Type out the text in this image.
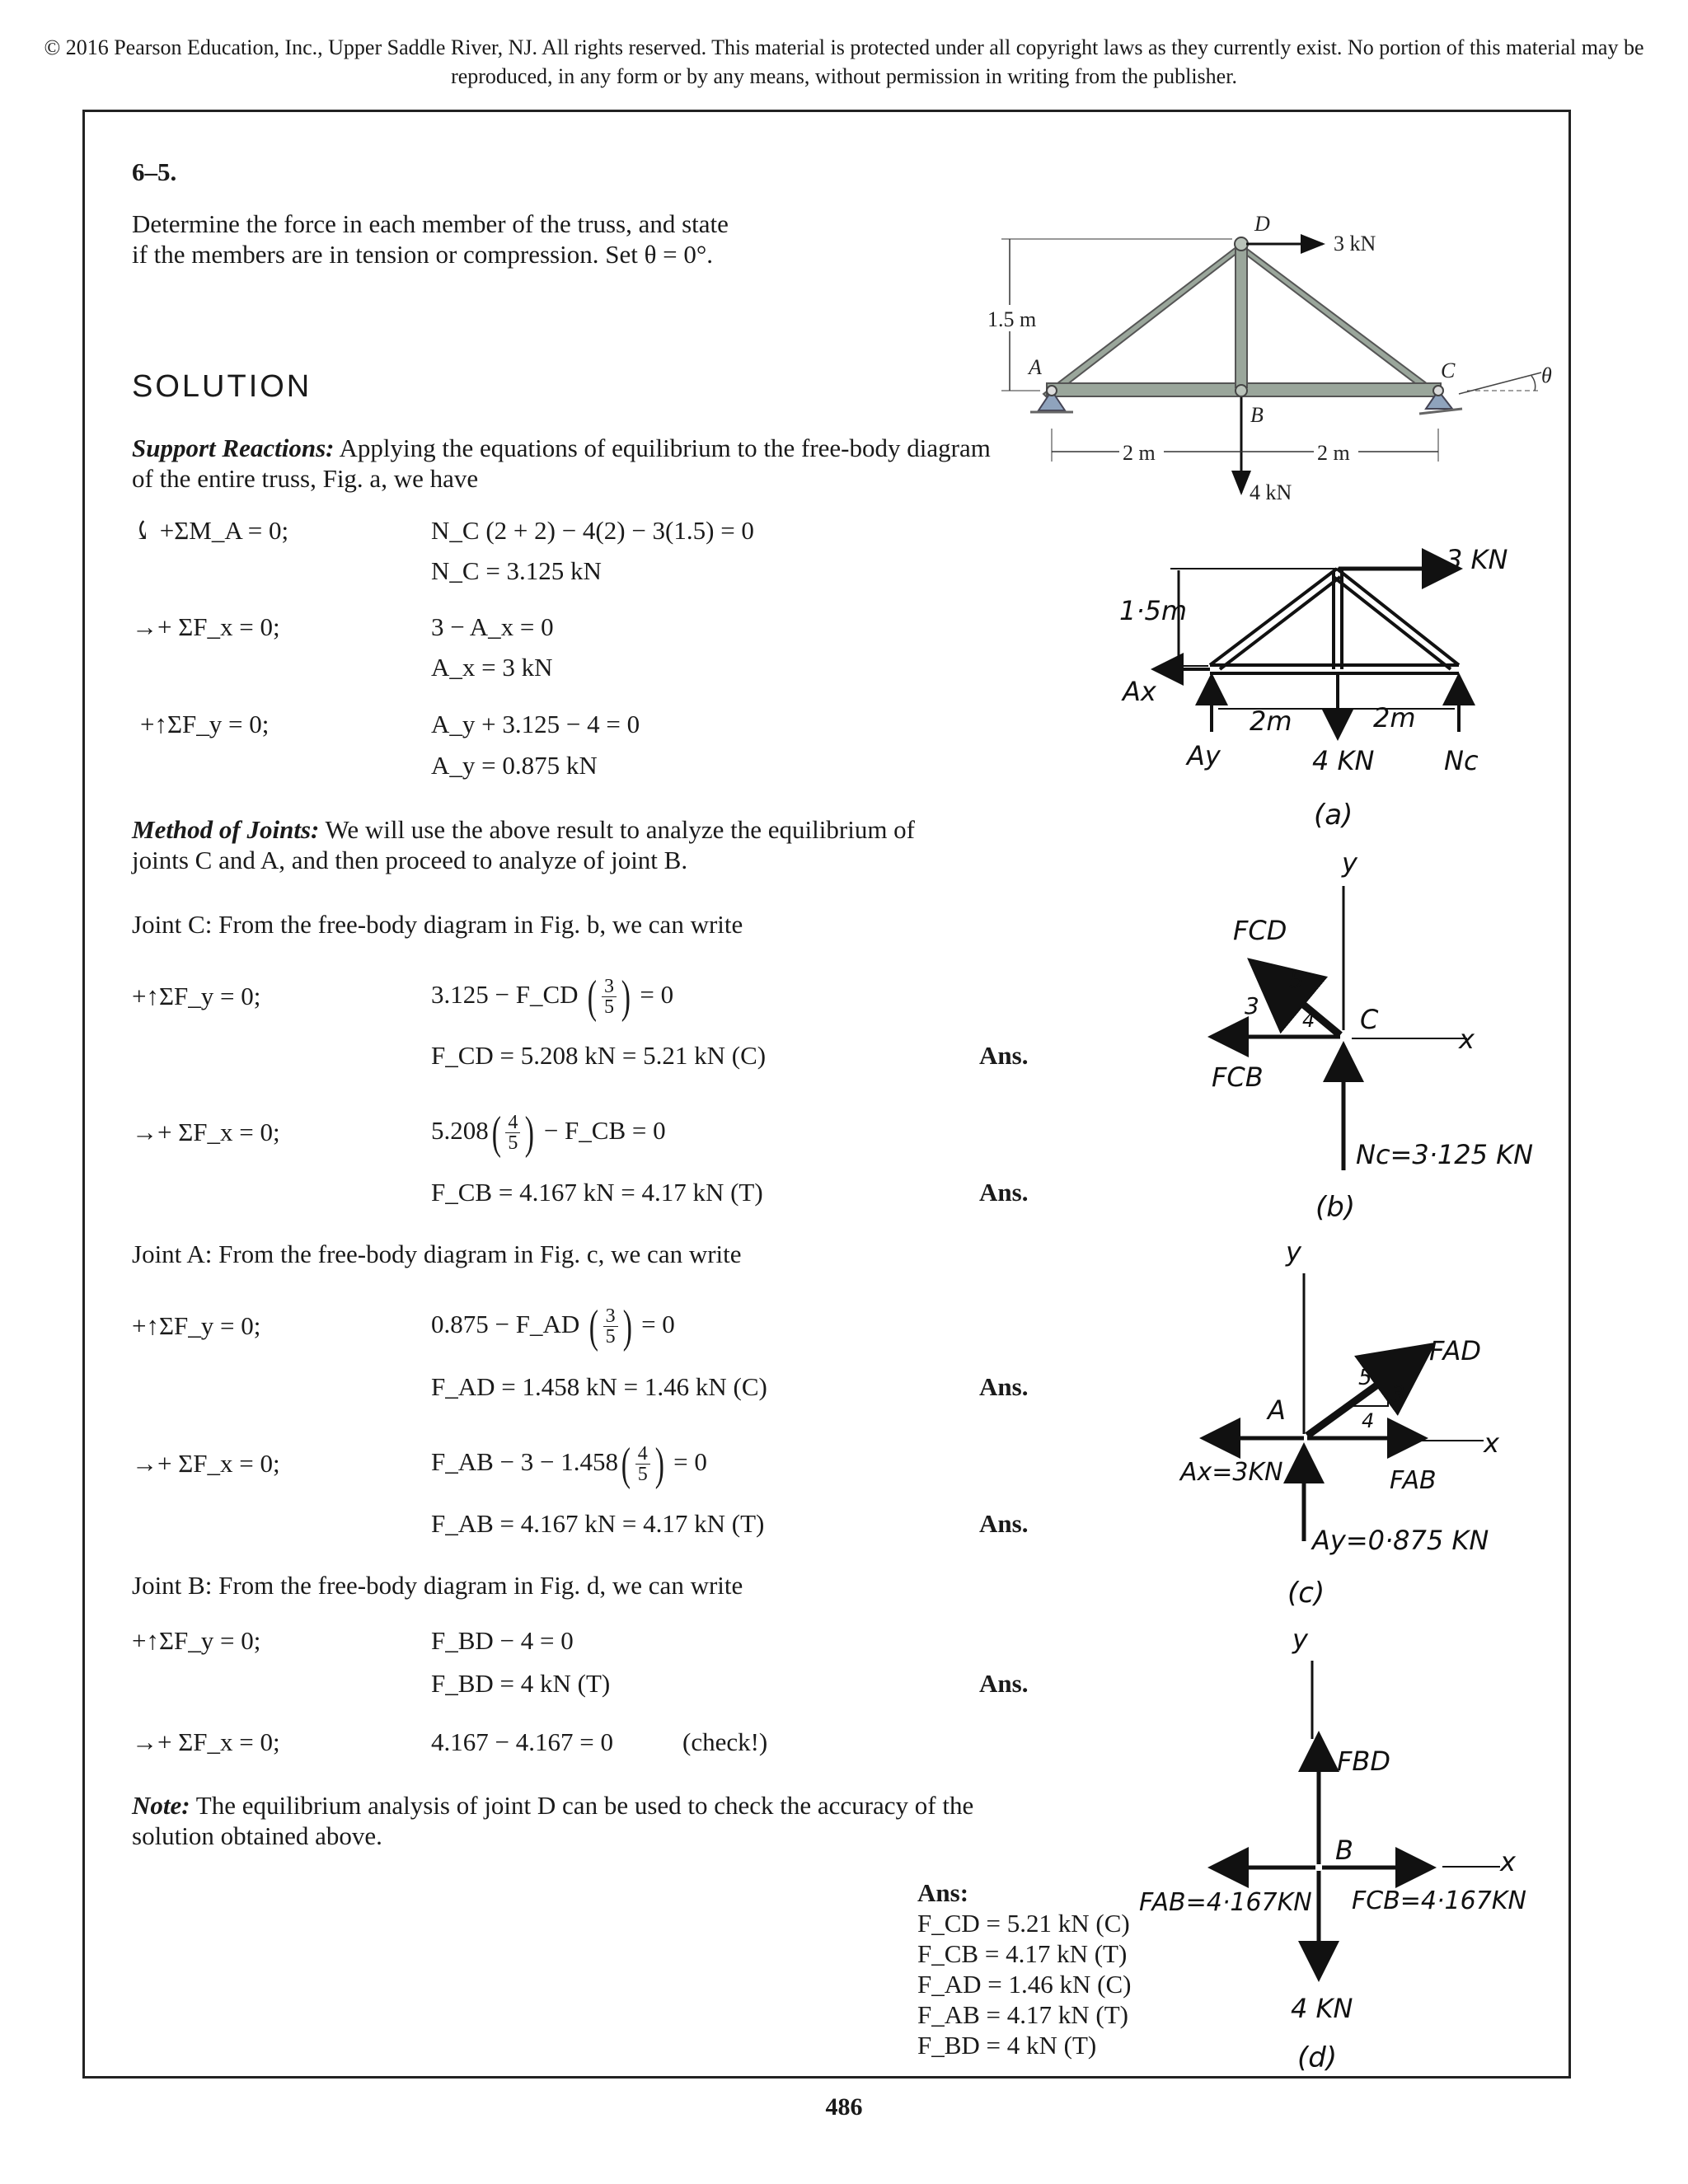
© 2016 Pearson Education, Inc., Upper Saddle River, NJ. All rights reserved. This material is protected under all copyright laws as they currently exist. No portion of this material may be reproduced, in any form or by any means, without permission in writing from the publisher.
6–5.
Determine the force in each member of the truss, and state
if the members are in tension or compression. Set θ = 0°.
SOLUTION
Support Reactions: Applying the equations of equilibrium to the free-body diagram
of the entire truss, Fig. a, we have
⤹ +ΣM_A = 0;	N_C (2 + 2) − 4(2) − 3(1.5) = 0
N_C = 3.125 kN
→+ ΣF_x = 0;	3 − A_x = 0
A_x = 3 kN
+↑ΣF_y = 0;	A_y + 3.125 − 4 = 0
A_y = 0.875 kN
Method of Joints: We will use the above result to analyze the equilibrium of
joints C and A, and then proceed to analyze of joint B.
Joint C: From the free-body diagram in Fig. b, we can write
+↑ΣF_y = 0;	3.125 − F_CD ( $\frac{3}{5}$ ) = 0
F_CD = 5.208 kN = 5.21 kN (C)	Ans.
→+ ΣF_x = 0;	$5.208( \frac{4}{5}$ ) − F_CB = 0
F_CB = 4.167 kN = 4.17 kN (T)	Ans.
Joint A: From the free-body diagram in Fig. c, we can write
+↑ΣF_y = 0;	0.875 − F_AD ( $\frac{3}{5}$ ) = 0
F_AD = 1.458 kN = 1.46 kN (C)	Ans.
→+ ΣF_x = 0;	F_AB − $3 - 1.458( \frac{4}{5}$ ) = 0
F_AB = 4.167 kN = 4.17 kN (T)	Ans.
Joint B: From the free-body diagram in Fig. d, we can write
+↑ΣF_y = 0;	F_BD − 4 = 0
F_BD = 4 kN (T)	Ans.
→+ ΣF_x = 0;	4.167 − 4.167 = 0	(check!)
Note: The equilibrium analysis of joint D can be used to check the accuracy of the
solution obtained above.
Ans:
F_CD = 5.21 kN (C)
F_CB = 4.17 kN (T)
F_AD = 1.46 kN (C)
F_AB = 4.17 kN (T)
F_BD = 4 kN (T)
486
θ
3 kN
4 kN
D
A	C
B
1.5 m
2 m	2 m
3 KN
1·5m
Ax
Ay	4 KN	Nc
2m	2m
(a)
y
x
FCD
5
3
4 C
FCB
Nc=3·125 KN
(b)
y
x
FAD
5
3
4
A
Ax=3KN	FAB
Ay=0·875 KN
(c)
y
FBD
B	x
FAB=4·167KN FCB=4·167KN
4 KN
(d)
